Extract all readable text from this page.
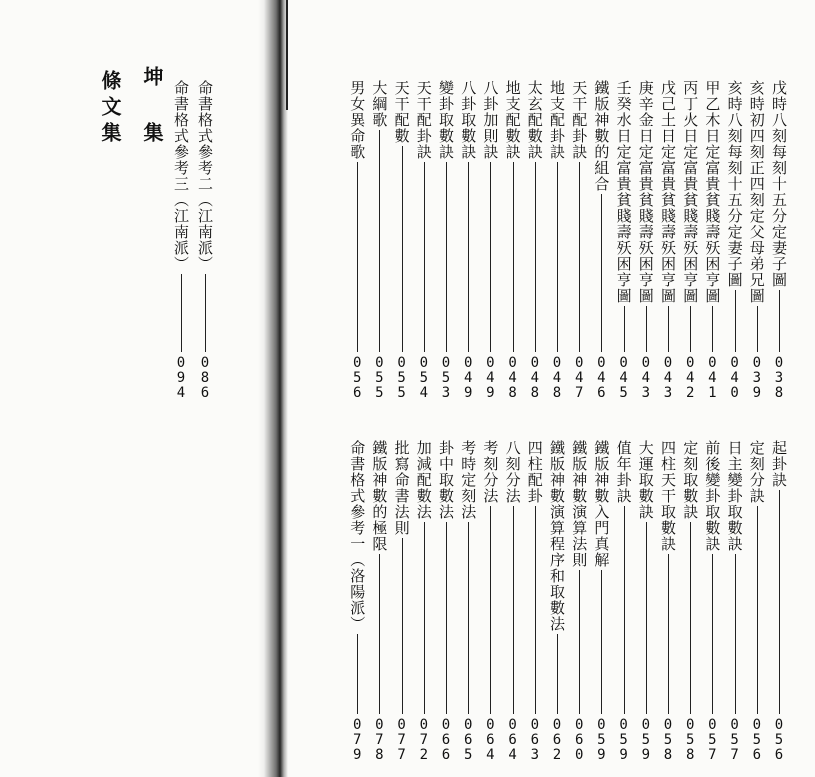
坤 集
條文集	命書格式參考二（江南派）
0
8
6
命書格式參考三（江南派）
0
9
4
戊時八刻每刻十五分定妻子圖
0
3
8
亥時初四刻正四刻定父母弟兄圖
0
3
9
亥時八刻每刻十五分定妻子圖
0
4
0
甲乙木日定富貴貧賤壽殀困亨圖
0
4
1
丙丁火日定富貴貧賤壽殀困亨圖
0
4
2
戊己土日定富貴貧賤壽殀困亨圖
0
4
3
庚辛金日定富貴貧賤壽殀困亨圖
0
4
3
壬癸水日定富貴貧賤壽殀困亨圖
0
4
5
鐵版神數的組合
0
4
6
天干配卦訣
0
4
7
地支配卦訣
0
4
8
太玄配數訣
0
4
8
地支配數訣
0
4
8
八卦加則訣
0
4
9
八卦取數訣
0
4
9
變卦取數訣
0
5
3
天干配卦訣
0
5
4
天干配數
0
5
5
大綱歌
0
5
5
男女異命歌
0
5
6
起卦訣
0
5
6
定刻分訣
0
5
6
日主變卦取數訣
0
5
7
前後變卦取數訣
0
5
7
定刻取數訣
0
5
8
四柱天干取數訣
0
5
8
大運取數訣
0
5
9
值年卦訣
0
5
9
鐵版神數入門真解
0
5
9
鐵版神數演算法則
0
6
0
鐵版神數演算程序和取數法
0
6
2
四柱配卦
0
6
3
八刻分法
0
6
4
考刻分法
0
6
4
考時定刻法
0
6
5
卦中取數法
0
6
6
加減配數法
0
7
2
批寫命書法則
0
7
7
鐵版神數的極限
0
7
8
命書格式參考一（洛陽派）
0
7
9
